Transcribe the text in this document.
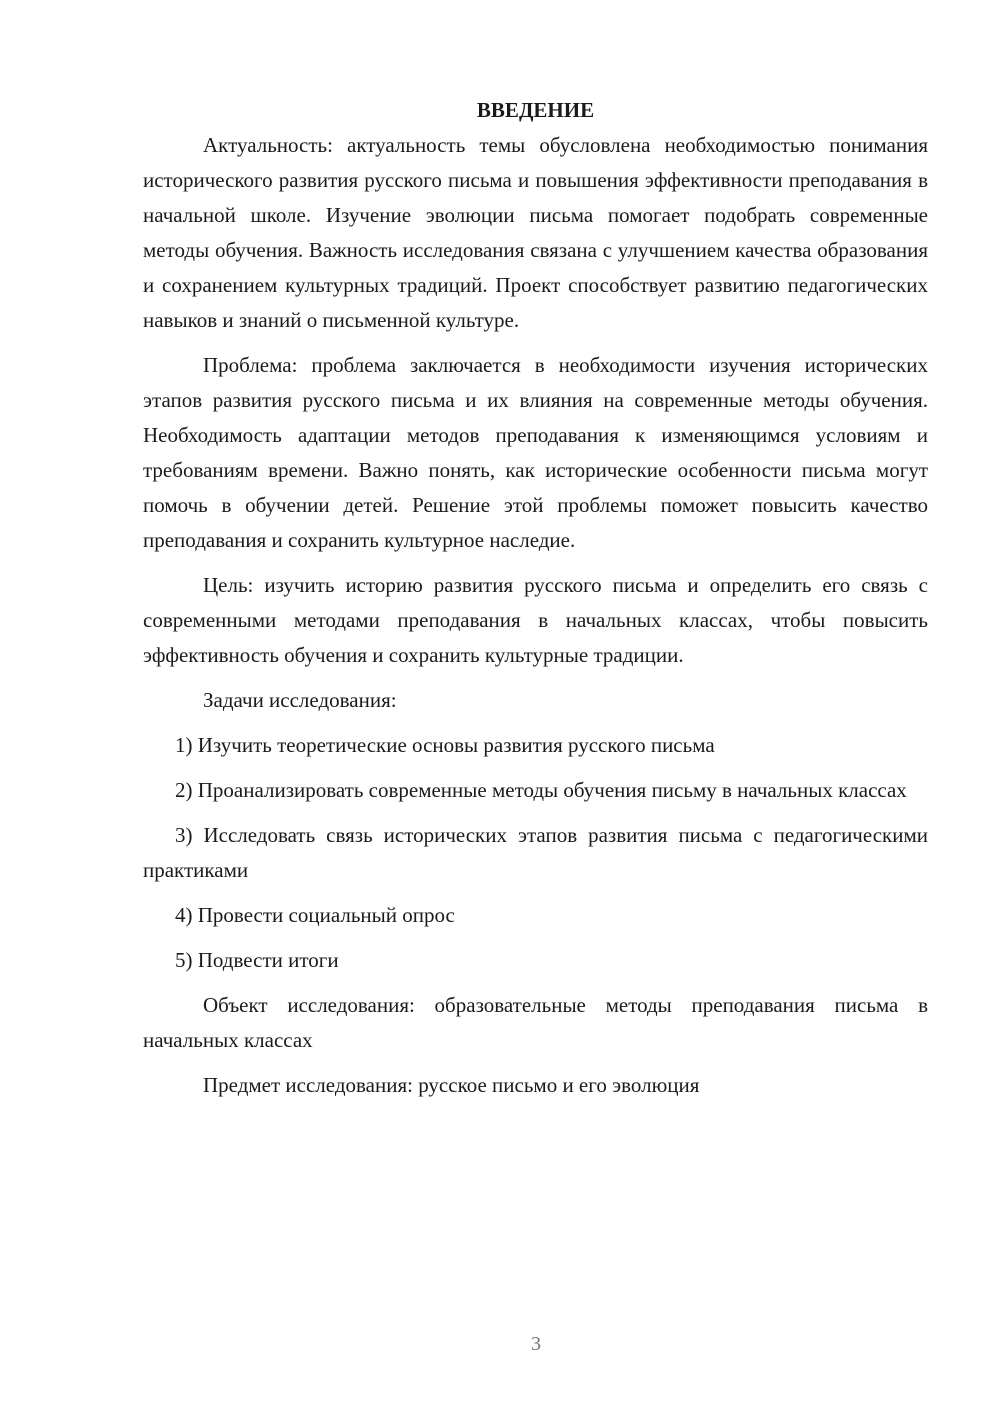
ВВЕДЕНИЕ

Актуальность: актуальность темы обусловлена необходимостью понимания исторического развития русского письма и повышения эффективности преподавания в начальной школе. Изучение эволюции письма помогает подобрать современные методы обучения. Важность исследования связана с улучшением качества образования и сохранением культурных традиций. Проект способствует развитию педагогических навыков и знаний о письменной культуре.

Проблема: проблема заключается в необходимости изучения исторических этапов развития русского письма и их влияния на современные методы обучения. Необходимость адаптации методов преподавания к изменяющимся условиям и требованиям времени. Важно понять, как исторические особенности письма могут помочь в обучении детей. Решение этой проблемы поможет повысить качество преподавания и сохранить культурное наследие.

Цель: изучить историю развития русского письма и определить его связь с современными методами преподавания в начальных классах, чтобы повысить эффективность обучения и сохранить культурные традиции.

Задачи исследования:

1) Изучить теоретические основы развития русского письма

2) Проанализировать современные методы обучения письму в начальных классах

3) Исследовать связь исторических этапов развития письма с педагогическими практиками

4) Провести социальный опрос

5) Подвести итоги

Объект исследования: образовательные методы преподавания письма в начальных классах

Предмет исследования: русское письмо и его эволюция

3
